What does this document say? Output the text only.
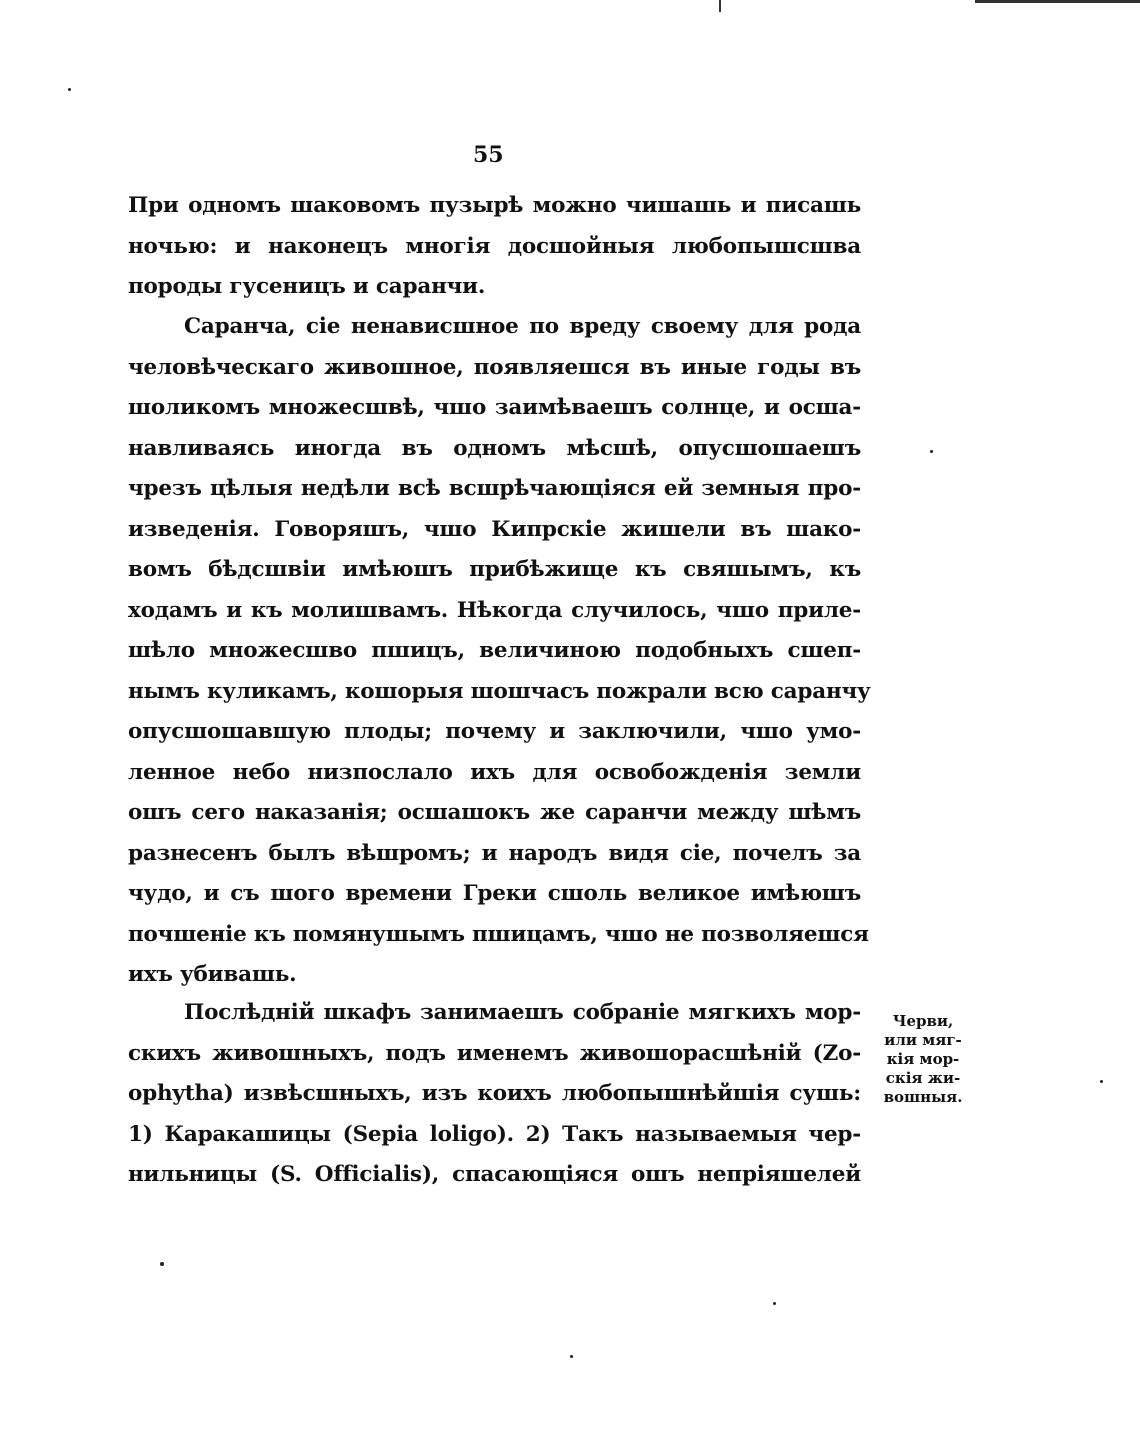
55
При одномъ шаковомъ пузырѣ можно чишашь и писашь
ночью: и наконецъ многія досшойныя любопышсшва
породы гусеницъ и саранчи.
Саранча, сіе ненависшное по вреду своему для рода
человѣческаго живошное, появляешся въ иные годы въ
шоликомъ множесшвѣ, чшо заимѣваешъ солнце, и осша-
навливаясь иногда въ одномъ мѣсшѣ, опусшошаешъ
чрезъ цѣлыя недѣли всѣ всшрѣчающіяся ей земныя про-
изведенія. Говоряшъ, чшо Кипрскіе жишели въ шако-
вомъ бѣдсшвіи имѣюшъ прибѣжище къ свяшымъ, къ
ходамъ и къ молишвамъ. Нѣкогда случилось, чшо прилe-
шѣло множесшво пшицъ, величиною подобныхъ сшеп-
нымъ куликамъ, кошорыя шошчасъ пожрали всю саранчу
опусшошавшую плоды; почему и заключили, чшо умо-
ленное небо низпослало ихъ для освобожденія земли
ошъ сего наказанія; осшашокъ же саранчи между шѣмъ
разнесенъ былъ вѣшромъ; и народъ видя сіе, почелъ за
чудо, и съ шого времени Греки сшоль великое имѣюшъ
почшеніе къ помянушымъ пшицамъ, чшо не позволяешся
ихъ убивашь.
Послѣдній шкафъ занимаешъ собраніе мягкихъ мор-
скихъ живошныхъ, подъ именемъ живошорасшѣній (Zo-
ophytha) извѣсшныхъ, изъ коихъ любопышнѣйшія сушь:
1) Каракашицы (Sepia loligo). 2) Такъ называемыя чер-
нильницы (S. Officialis), спасающіяся ошъ непріяшелей
Черви,
или мяг-
кія мор-
скія жи-
вошныя.
